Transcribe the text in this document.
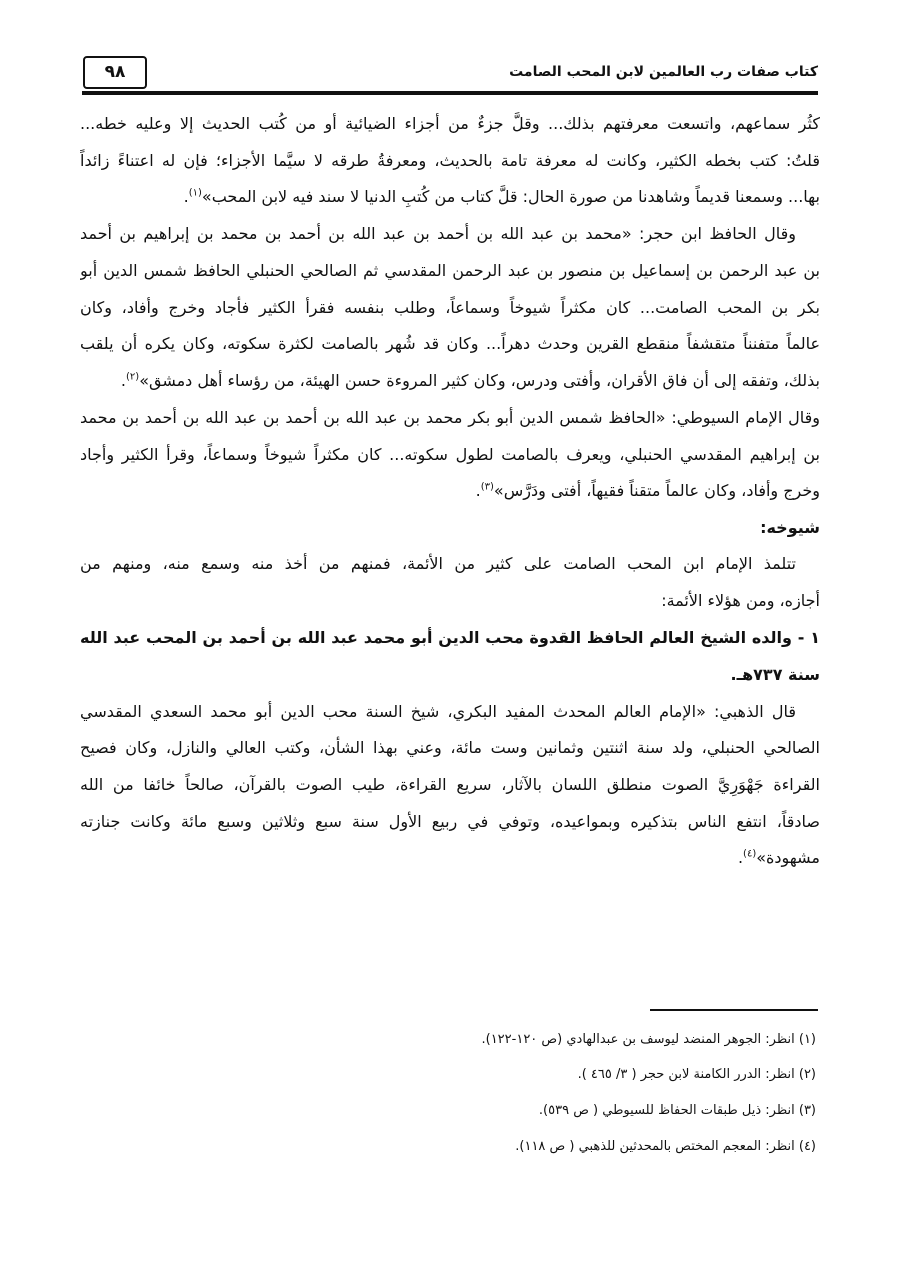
٩٨	كتاب صفات رب العالمين لابن المحب الصامت
كثُر سماعهم، واتسعت معرفتهم بذلك... وقلَّ جزءٌ من أجزاء الضيائية أو من كُتب الحديث إلا وعليه خطه...
قلتُ: كتب بخطه الكثير، وكانت له معرفة تامة بالحديث، ومعرفةُ طرقه لا سيَّما الأجزاء؛ فإن له اعتناءً زائداً
بها... وسمعنا قديماً وشاهدنا من صورة الحال: قلَّ كتاب من كُتبِ الدنيا لا سند فيه لابن المحب»$^{(١)}$.
وقال الحافظ ابن حجر: «محمد بن عبد الله بن أحمد بن عبد الله بن أحمد بن محمد بن إبراهيم بن أحمد
بن عبد الرحمن بن إسماعيل بن منصور بن عبد الرحمن المقدسي ثم الصالحي الحنبلي الحافظ شمس الدين أبو
بكر بن المحب الصامت... كان مكثراً شيوخاً وسماعاً، وطلب بنفسه فقرأ الكثير فأجاد وخرج وأفاد، وكان
عالماً متفنناً متقشفاً منقطع القرين وحدث دهراً... وكان قد شُهر بالصامت لكثرة سكوته، وكان يكره أن يلقب
بذلك، وتفقه إلى أن فاق الأقران، وأفتى ودرس، وكان كثير المروءة حسن الهيئة، من رؤساء أهل دمشق»$^{(٢)}$.
وقال الإمام السيوطي: «الحافظ شمس الدين أبو بكر محمد بن عبد الله بن أحمد بن عبد الله بن أحمد بن محمد
بن إبراهيم المقدسي الحنبلي، ويعرف بالصامت لطول سكوته... كان مكثراً شيوخاً وسماعاً، وقرأ الكثير وأجاد
وخرج وأفاد، وكان عالماً متقناً فقيهاً، أفتى ودَرَّس»$^{(٣)}$.
شيوخه:
تتلمذ الإمام ابن المحب الصامت على كثير من الأئمة، فمنهم من أخذ منه وسمع منه، ومنهم من
أجازه، ومن هؤلاء الأئمة:
١ - والده الشيخ العالم الحافظ القدوة محب الدين أبو محمد عبد الله بن أحمد بن المحب عبد الله
سنة ٧٣٧هـ.
قال الذهبي: «الإمام العالم المحدث المفيد البكري، شيخ السنة محب الدين أبو محمد السعدي المقدسي
الصالحي الحنبلي، ولد سنة اثنتين وثمانين وست مائة، وعني بهذا الشأن، وكتب العالي والنازل، وكان فصيح
القراءة جَهْوَرِيَّ الصوت منطلق اللسان بالآثار، سريع القراءة، طيب الصوت بالقرآن، صالحاً خائفا من الله
صادقاً، انتفع الناس بتذكيره وبمواعيده، وتوفي في ربيع الأول سنة سبع وثلاثين وسبع مائة وكانت جنازته
مشهودة»$^{(٤)}$.
(١) انظر: الجوهر المنضد ليوسف بن عبدالهادي (ص ١٢٠-١٢٢).
(٢) انظر: الدرر الكامنة لابن حجر ( ٣/ ٤٦٥ ).
(٣) انظر: ذيل طبقات الحفاظ للسيوطي ( ص ٥٣٩).
(٤) انظر: المعجم المختص بالمحدثين للذهبي ( ص ١١٨).
